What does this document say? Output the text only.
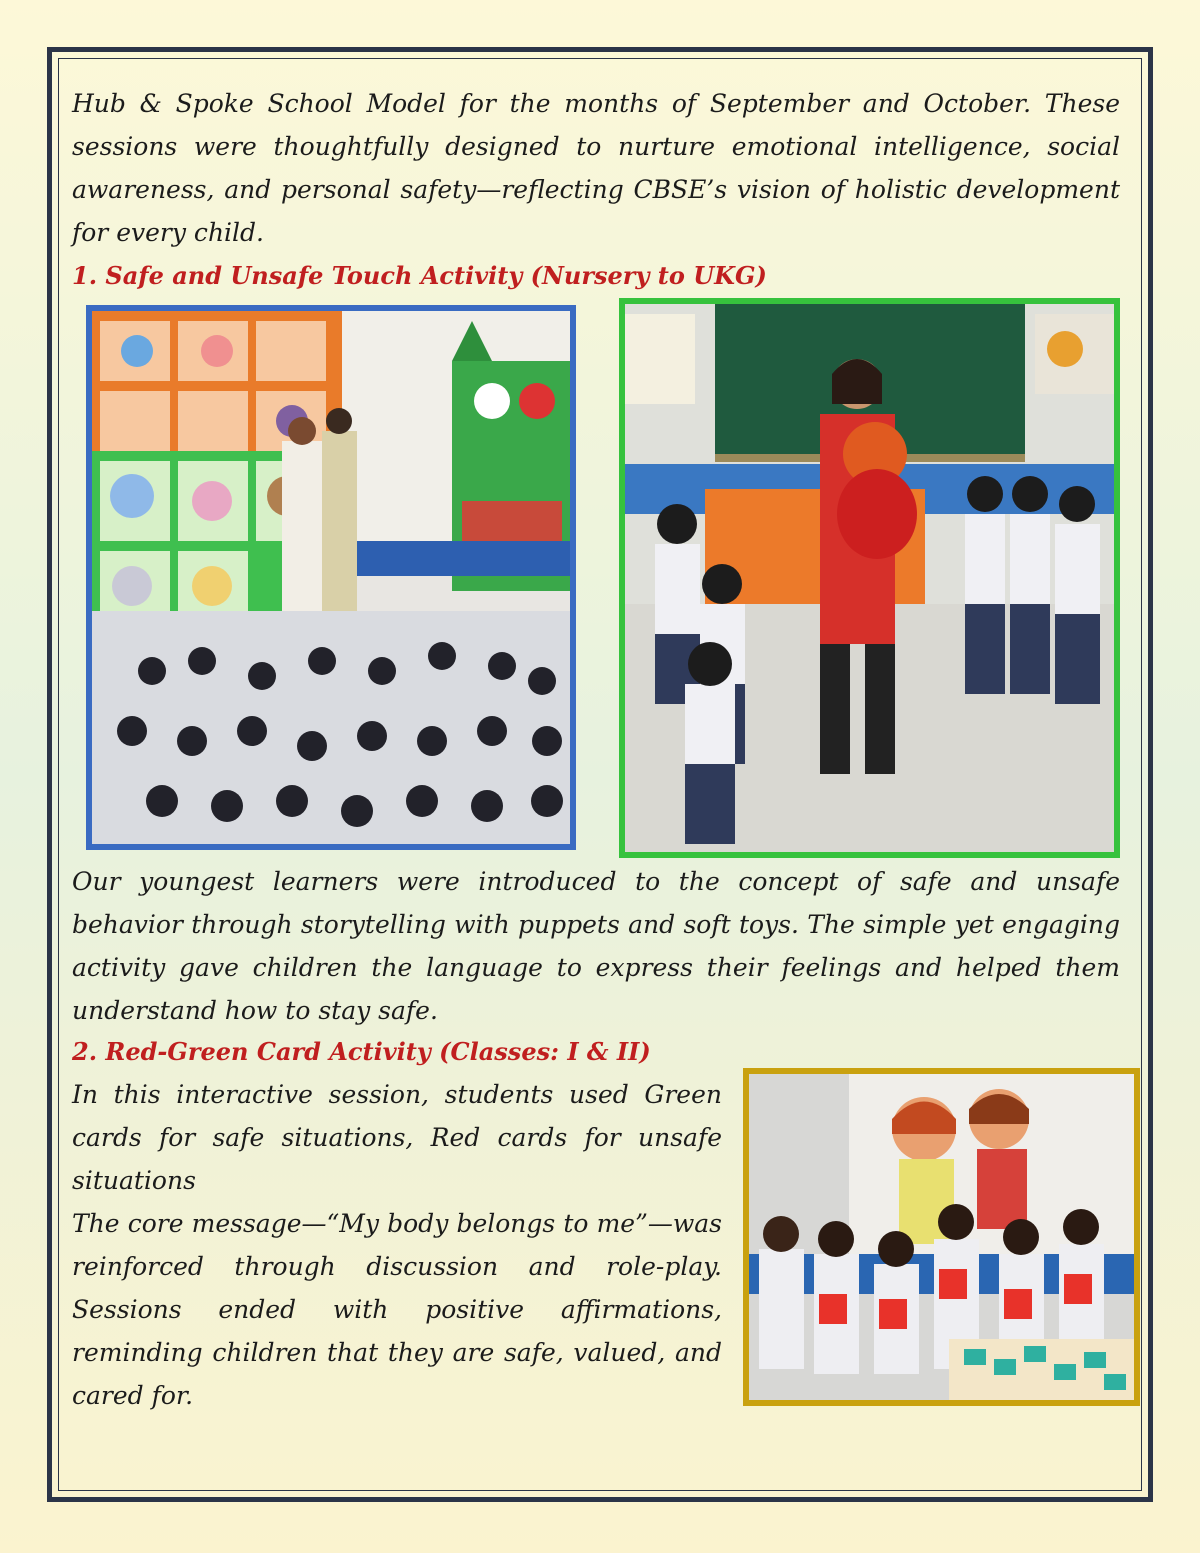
Hub & Spoke School Model for the months of September and October. These sessions were thoughtfully designed to nurture emotional intelligence, social awareness, and personal safety—reflecting CBSE’s vision of holistic development for every child.

1. Safe and Unsafe Touch Activity (Nursery to UKG)

Our youngest learners were introduced to the concept of safe and unsafe behavior through storytelling with puppets and soft toys. The simple yet engaging activity gave children the language to express their feelings and helped them understand how to stay safe.

2. Red-Green Card Activity (Classes: I & II)

In this interactive session, students used Green cards for safe situations, Red cards for unsafe situations

The core message—“My body belongs to me”—was reinforced through discussion and role-play. Sessions ended with positive affirmations, reminding children that they are safe, valued, and cared for.
